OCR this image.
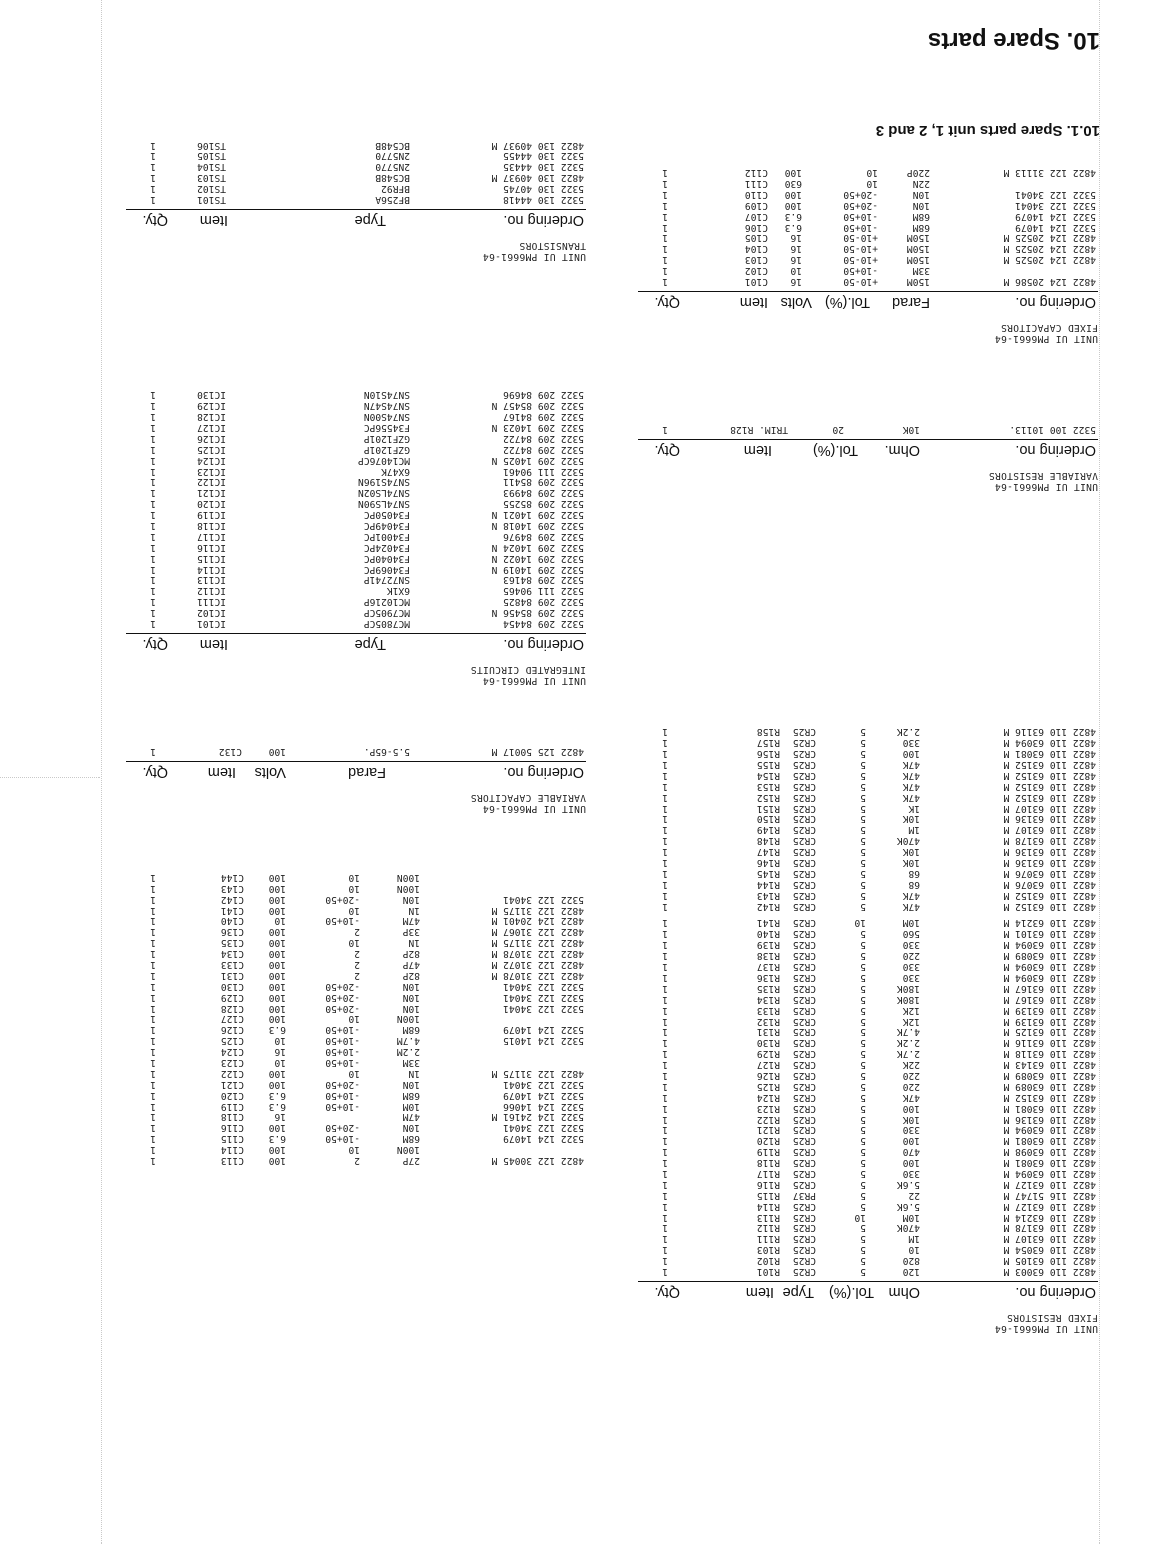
10. Spare parts
10.1. Spare parts unit 1, 2 and 3
UNIT UI PM6661-64
FIXED RESISTORS
Ordering no.
Ohm
Tol.(%)
Type
Item
Qty.
4822 110 63003 M
120
5
CR25
R101
1
4822 110 63105 M
820
5
CR25
R102
1
4822 110 63054 M
10
5
CR25
R103
1
4822 110 63107 M
1M
5
CR25
R111
1
4822 110 63178 M
470K
5
CR25
R112
1
4822 110 63214 M
10M
10
CR25
R113
1
4822 110 63127 M
5.6K
5
CR25
R114
1
4822 116 51747 M
22
5
PR37
R115
1
4822 110 63127 M
5.6K
5
CR25
R116
1
4822 110 63094 M
330
5
CR25
R117
1
4822 110 63081 M
100
5
CR25
R118
1
4822 110 63098 M
470
5
CR25
R119
1
4822 110 63081 M
100
5
CR25
R120
1
4822 110 63094 M
330
5
CR25
R121
1
4822 110 63136 M
10K
5
CR25
R122
1
4822 110 63081 M
100
5
CR25
R123
1
4822 110 63152 M
47K
5
CR25
R124
1
4822 110 63089 M
220
5
CR25
R125
1
4822 110 63089 M
220
5
CR25
R126
1
4822 110 63143 M
22K
5
CR25
R127
1
4822 110 63118 M
2.7K
5
CR25
R129
1
4822 110 63116 M
2.2K
5
CR25
R130
1
4822 110 63125 M
4.7K
5
CR25
R131
1
4822 110 63139 M
12K
5
CR25
R132
1
4822 110 63139 M
12K
5
CR25
R133
1
4822 110 63167 M
180K
5
CR25
R134
1
4822 110 63167 M
180K
5
CR25
R135
1
4822 110 63094 M
330
5
CR25
R136
1
4822 110 63094 M
330
5
CR25
R137
1
4822 110 63089 M
220
5
CR25
R138
1
4822 110 63094 M
330
5
CR25
R139
1
4822 110 63101 M
560
5
CR25
R140
1
4822 110 63214 M
10M
10
CR25
R141
1
4822 110 63152 M
47K
5
CR25
R142
1
4822 110 63152 M
47K
5
CR25
R143
1
4822 110 63076 M
68
5
CR25
R144
1
4822 110 63076 M
68
5
CR25
R145
1
4822 110 63136 M
10K
5
CR25
R146
1
4822 110 63136 M
10K
5
CR25
R147
1
4822 110 63178 M
470K
5
CR25
R148
1
4822 110 63107 M
1M
5
CR25
R149
1
4822 110 63136 M
10K
5
CR25
R150
1
4822 110 63107 M
1K
5
CR25
R151
1
4822 110 63152 M
47K
5
CR25
R152
1
4822 110 63152 M
47K
5
CR25
R153
1
4822 110 63152 M
47K
5
CR25
R154
1
4822 110 63152 M
47K
5
CR25
R155
1
4822 110 63081 M
100
5
CR25
R156
1
4822 110 63094 M
330
5
CR25
R157
1
4822 110 63116 M
2.2K
5
CR25
R158
1
UNIT UI PM6661-64
VARIABLE RESISTORS
Ordering no.
Ohm.
Tol.(%)
Item
Qty.
5322 100 10113.
10K
20
TRIM. R128
1
UNIT UI PM6661-64
FIXED CAPACITORS
Ordering no.
Farad
Tol.(%)
Volts
Item
Qty.
4822 124 20586 M
150M
+10-50
16
C101
1
33M
-10+50
10
C102
1
4822 124 20525 M
150M
+10-50
16
C103
1
4822 124 20525 M
150M
+10-50
16
C104
1
4822 124 20525 M
150M
+10-50
16
C105
1
5322 124 14079
68M
-10+50
6.3
C106
1
5322 124 14079
68M
-10+50
6.3
C107
1
5322 122 34041
10N
-20+50
100
C109
1
5322 122 34041
10N
-20+50
100
C110
1
22N
10
630
C111
1
4822 122 31113 M
220P
10
100
C112
1
4822 122 30045 M
27P
2
100
C113
1
100N
10
100
C114
1
5322 124 14079
68M
-10+50
6.3
C115
1
5322 122 34041
10N
-20+50
100
C116
1
5322 124 24161 M
47M
16
C118
1
5322 124 14066
10M
-10+50
6.3
C119
1
5322 124 14079
68M
-10+50
6.3
C120
1
5322 122 34041
10N
-20+50
100
C121
1
4822 122 31175 M
1N
10
100
C122
1
33M
-10+50
10
C123
1
2.2M
-10+50
16
C124
1
5322 124 14015
4.7M
-10+50
10
C125
1
5322 124 14079
68M
-10+50
6.3
C126
1
100N
10
100
C127
1
5322 122 34041
10N
-20+50
100
C128
1
5322 122 34041
10N
-20+50
100
C129
1
5322 122 34041
10N
-20+50
100
C130
1
4822 122 31078 M
82P
2
100
C131
1
4822 122 31072 M
47P
2
100
C133
1
4822 122 31078 M
82P
2
100
C134
1
4822 122 31175 M
1N
10
100
C135
1
4822 122 31067 M
33P
2
100
C136
1
4822 124 20401 M
47M
-10+50
10
C140
1
4822 122 31175 M
1N
10
100
C141
1
5322 122 34041
10N
-20+50
100
C142
1
100N
10
100
C143
1
100N
10
100
C144
1
UNIT UI PM6661-64
VARIABLE CAPACITORS
Ordering no.
Farad
Volts
Item
Qty.
4822 125 50017 M
5.5-65P.
100
C132
1
UNIT UI PM6661-64
INTEGRATED CIRCUITS
Ordering no.
Type
Item
Qty.
5322 209 84454
MC7805CP
IC101
1
5322 209 85456 N
MC7905CP
IC102
1
5322 209 84825
MC10216P
IC111
1
5322 111 90465
6X1K
IC112
1
5322 209 84163
SN72741P
IC113
1
5322 209 14019 N
F34069PC
IC114
1
5322 209 14022 N
F34040PC
IC115
1
5322 209 14024 N
F34024PC
IC116
1
5322 209 84976
F34001PC
IC117
1
5322 209 14018 N
F34049PC
IC118
1
5322 209 14021 N
F34050PC
IC119
1
5322 209 85255
SN74LS90N
IC120
1
5322 209 84993
SN74LS02N
IC121
1
5322 209 85411
SN74S196N
IC122
1
5322 111 90461
6X47K
IC123
1
5322 209 14025 N
MC14076CP
IC124
1
5322 209 84722
GZF1201P
IC125
1
5322 209 84722
GZF1201P
IC126
1
5322 209 14023 N
F34556PC
IC127
1
5322 209 84167
SN74S00N
IC128
1
5322 209 85457 N
SN74S47N
IC129
1
5322 209 84696
SN74S10N
IC130
1
UNIT UI PM6661-64
TRANSISTORS
Ordering no.
Type
Item
Qty.
5322 130 44418
BF256A
TS101
1
5322 130 40745
BFR92
TS102
1
4822 130 40937 M
BC548B
TS103
1
5322 130 44435
2N5770
TS104
1
5322 130 44455
2N5770
TS105
1
4822 130 40937 M
BC548B
TS106
1
